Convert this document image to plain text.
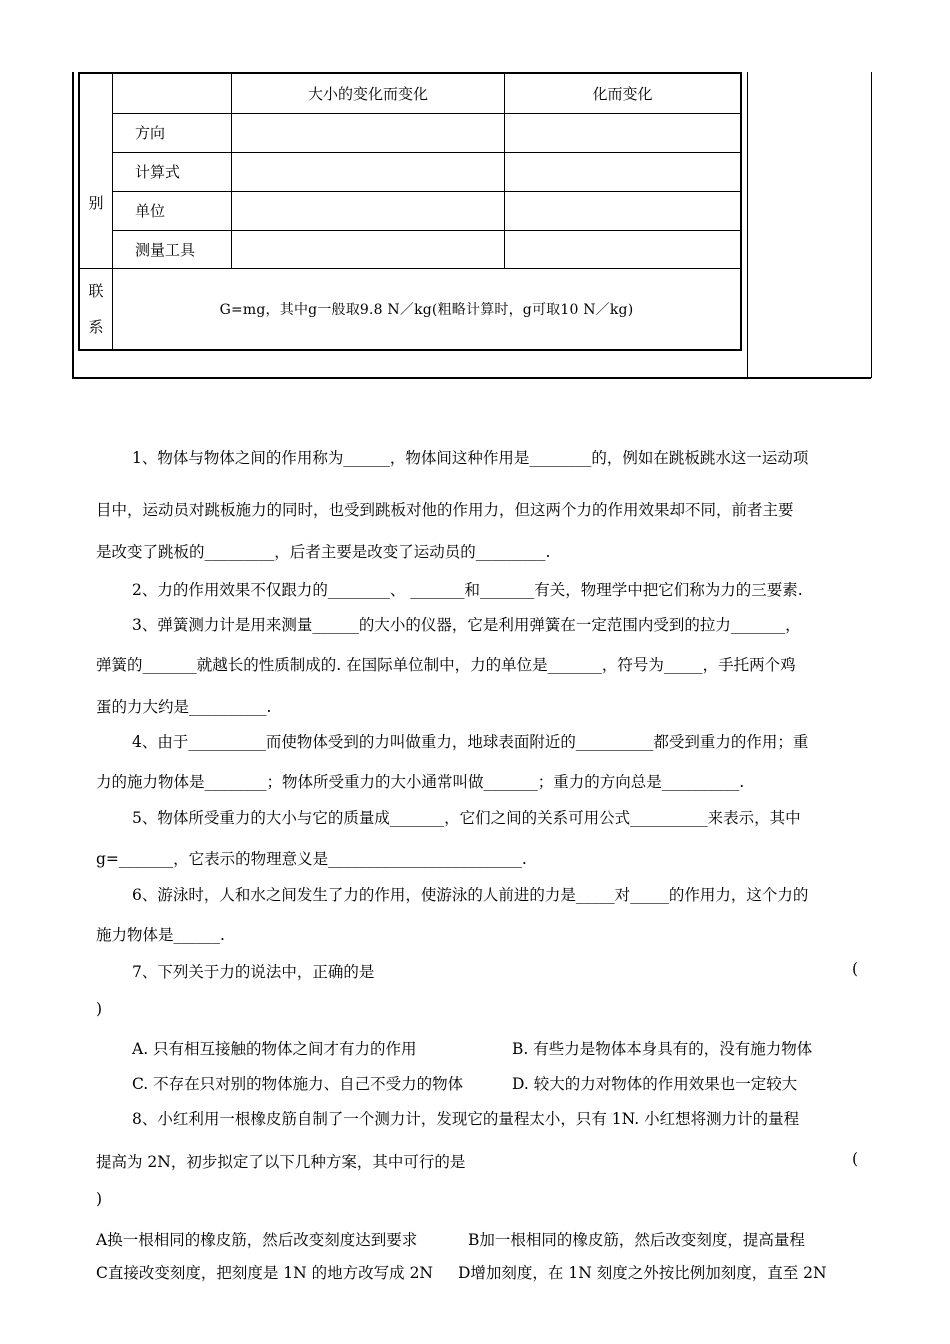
别		大小的变化而变化	化而变化
	方向		
	计算式		
	单位		
	测量工具		

联
系	G=mg，其中g一般取9.8 N／kg(粗略计算时，g可取10 N／kg)		
1、物体与物体之间的作用称为______，物体间这种作用是________的，例如在跳板跳水这一运动项
目中，运动员对跳板施力的同时，也受到跳板对他的作用力，但这两个力的作用效果却不同，前者主要
是改变了跳板的_________，后者主要是改变了运动员的_________.
2、力的作用效果不仅跟力的________、 _______和_______有关，物理学中把它们称为力的三要素.
3、弹簧测力计是用来测量______的大小的仪器，它是利用弹簧在一定范围内受到的拉力_______，
弹簧的_______就越长的性质制成的. 在国际单位制中，力的单位是_______，符号为_____，手托两个鸡
蛋的力大约是__________.
4、由于__________而使物体受到的力叫做重力，地球表面附近的__________都受到重力的作用；重
力的施力物体是________；物体所受重力的大小通常叫做_______；重力的方向总是__________.
5、物体所受重力的大小与它的质量成_______，它们之间的关系可用公式__________来表示，其中
g=_______，它表示的物理意义是_________________________.
6、游泳时，人和水之间发生了力的作用，使游泳的人前进的力是_____对_____的作用力，这个力的
施力物体是______.
7、下列关于力的说法中，正确的是	(
)
A. 只有相互接触的物体之间才有力的作用	B. 有些力是物体本身具有的，没有施力物体
C. 不存在只对别的物体施力、自己不受力的物体	D. 较大的力对物体的作用效果也一定较大
8、小红利用一根橡皮筋自制了一个测力计，发现它的量程太小，只有 1N. 小红想将测力计的量程
提高为 2N，初步拟定了以下几种方案，其中可行的是	(
)
A换一根相同的橡皮筋，然后改变刻度达到要求	B加一根相同的橡皮筋，然后改变刻度，提高量程
C直接改变刻度，把刻度是 1N 的地方改写成 2N D增加刻度，在 1N 刻度之外按比例加刻度，直至 2N
